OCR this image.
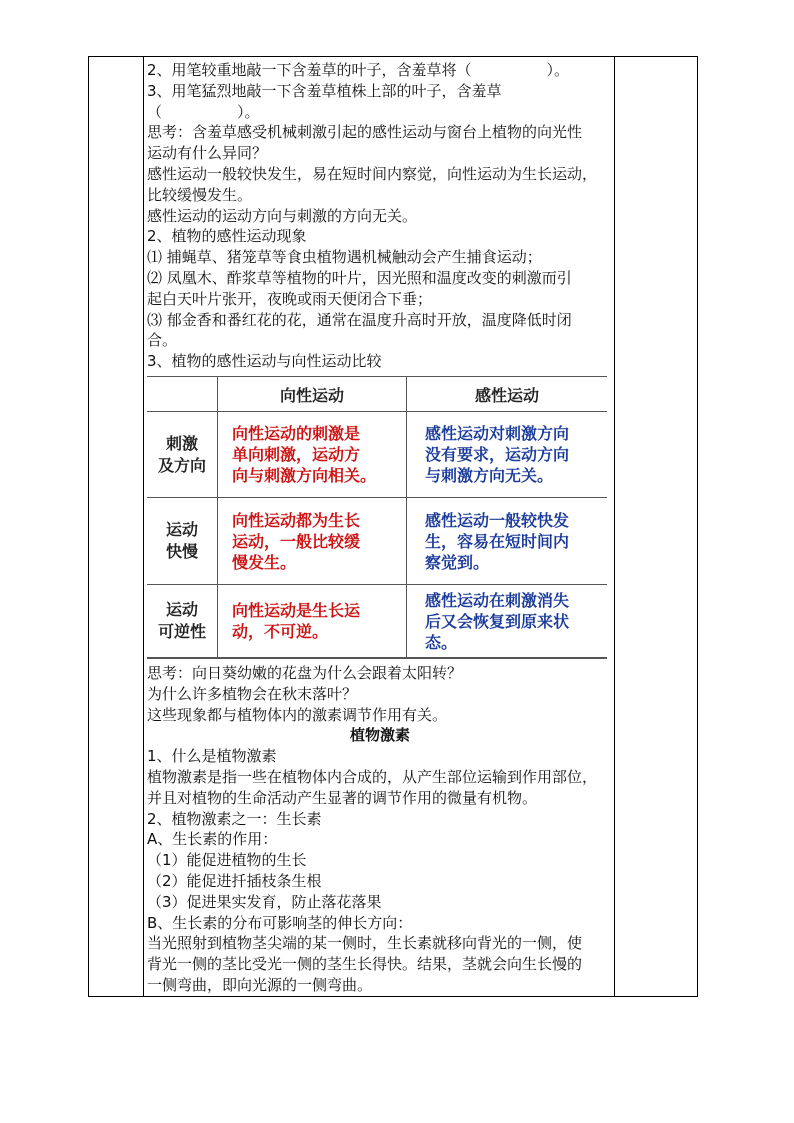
2、用笔较重地敲一下含羞草的叶子，含羞草将（　　　　　）。
3、用笔猛烈地敲一下含羞草植株上部的叶子，含羞草
（　　　　　）。
思考：含羞草感受机械刺激引起的感性运动与窗台上植物的向光性
运动有什么异同？
感性运动一般较快发生，易在短时间内察觉，向性运动为生长运动，
比较缓慢发生。
感性运动的运动方向与刺激的方向无关。
2、植物的感性运动现象
⑴ 捕蝇草、猪笼草等食虫植物遇机械触动会产生捕食运动；
⑵ 凤凰木、酢浆草等植物的叶片，因光照和温度改变的刺激而引
起白天叶片张开，夜晚或雨天便闭合下垂；
⑶ 郁金香和番红花的花，通常在温度升高时开放，温度降低时闭
合。
3、植物的感性运动与向性运动比较
向性运动	感性运动
刺激
及方向
向性运动的刺激是
单向刺激，运动方
向与刺激方向相关。
感性运动对刺激方向
没有要求，运动方向
与刺激方向无关。
运动
快慢
向性运动都为生长
运动，一般比较缓
慢发生。
感性运动一般较快发
生，容易在短时间内
察觉到。
运动
可逆性
向性运动是生长运
动，不可逆。
感性运动在刺激消失
后又会恢复到原来状
态。
思考：向日葵幼嫩的花盘为什么会跟着太阳转？
为什么许多植物会在秋末落叶？
这些现象都与植物体内的激素调节作用有关。
植物激素
1、什么是植物激素
植物激素是指一些在植物体内合成的，从产生部位运输到作用部位，
并且对植物的生命活动产生显著的调节作用的微量有机物。
2、植物激素之一：生长素
A、生长素的作用：
（1）能促进植物的生长
（2）能促进扦插枝条生根
（3）促进果实发育，防止落花落果
B、生长素的分布可影响茎的伸长方向：
当光照射到植物茎尖端的某一侧时，生长素就移向背光的一侧，使
背光一侧的茎比受光一侧的茎生长得快。结果，茎就会向生长慢的
一侧弯曲，即向光源的一侧弯曲。
